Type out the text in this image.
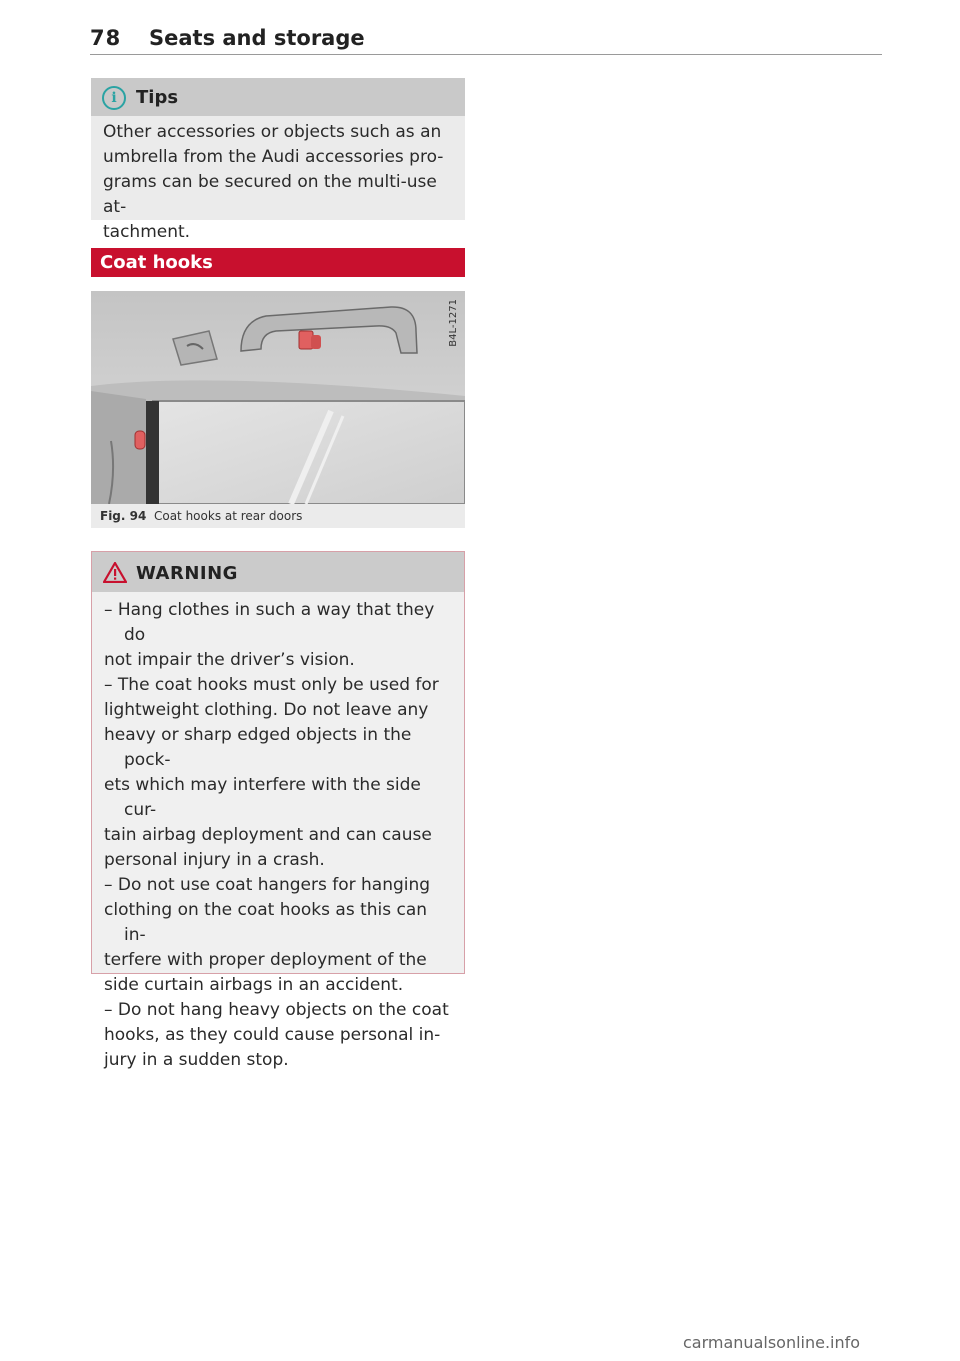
78 Seats and storage
i	Tips
Other accessories or objects such as an
umbrella from the Audi accessories pro-
grams can be secured on the multi-use at-
tachment.
Coat hooks
B4L-1271
Fig. 94 Coat hooks at rear doors
WARNING
– Hang clothes in such a way that they do
not impair the driver’s vision.
– The coat hooks must only be used for
lightweight clothing. Do not leave any
heavy or sharp edged objects in the pock-
ets which may interfere with the side cur-
tain airbag deployment and can cause
personal injury in a crash.
– Do not use coat hangers for hanging
clothing on the coat hooks as this can in-
terfere with proper deployment of the
side curtain airbags in an accident.
– Do not hang heavy objects on the coat
hooks, as they could cause personal in-
jury in a sudden stop.
carmanualsonline.info
